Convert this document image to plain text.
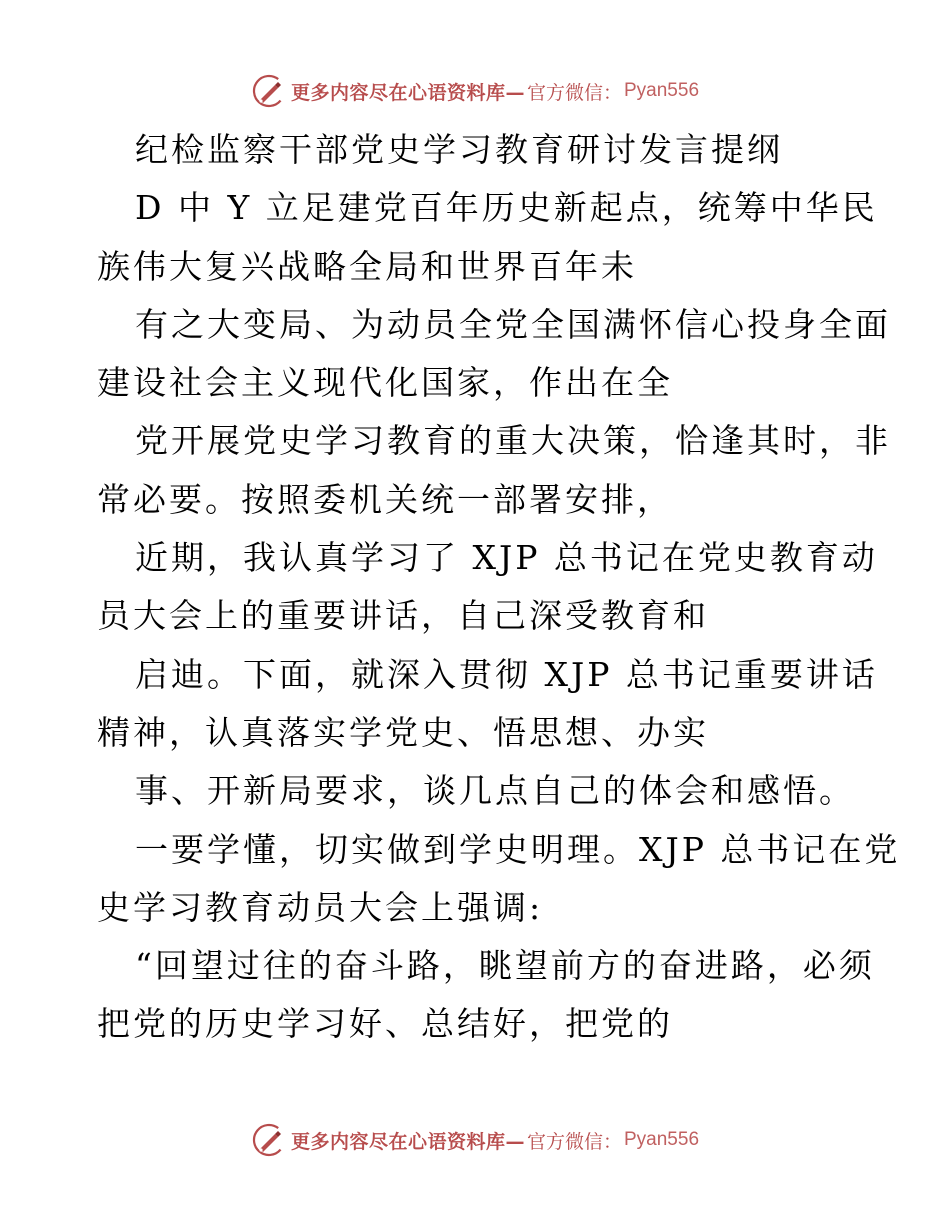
更多内容尽在心语资料库— 官方微信： Pyan556
纪检监察干部党史学习教育研讨发言提纲
D 中 Y 立足建党百年历史新起点，统筹中华民
族伟大复兴战略全局和世界百年未
有之大变局、为动员全党全国满怀信心投身全面
建设社会主义现代化国家，作出在全
党开展党史学习教育的重大决策，恰逢其时，非
常必要。按照委机关统一部署安排，
近期，我认真学习了 XJP 总书记在党史教育动
员大会上的重要讲话，自己深受教育和
启迪。下面，就深入贯彻 XJP 总书记重要讲话
精神，认真落实学党史、悟思想、办实
事、开新局要求，谈几点自己的体会和感悟。
一要学懂，切实做到学史明理。XJP 总书记在党
史学习教育动员大会上强调:
“回望过往的奋斗路，眺望前方的奋进路，必须
把党的历史学习好、总结好，把党的
更多内容尽在心语资料库— 官方微信： Pyan556
